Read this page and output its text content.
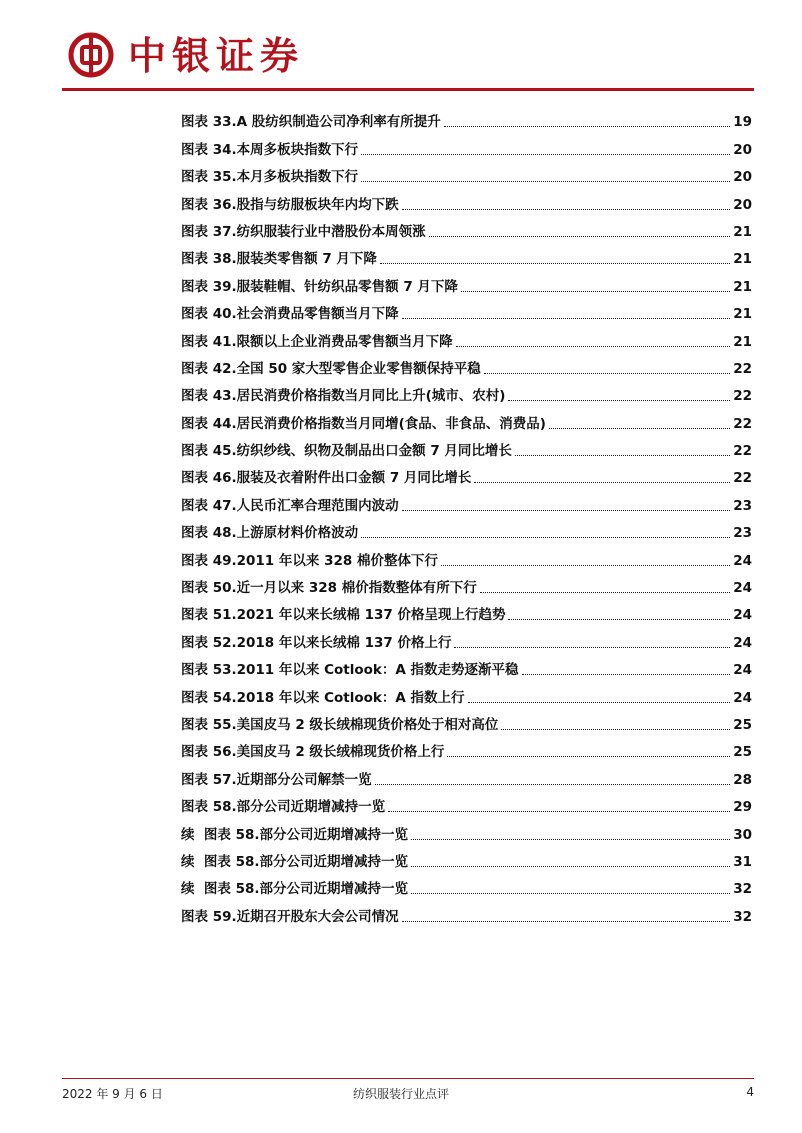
中银证券
图表 33.A 股纺织制造公司净利率有所提升	19
图表 34.本周多板块指数下行	20
图表 35.本月多板块指数下行	20
图表 36.股指与纺服板块年内均下跌	20
图表 37.纺织服装行业中潜股份本周领涨	21
图表 38.服装类零售额 7 月下降	21
图表 39.服装鞋帽、针纺织品零售额 7 月下降	21
图表 40.社会消费品零售额当月下降	21
图表 41.限额以上企业消费品零售额当月下降	21
图表 42.全国 50 家大型零售企业零售额保持平稳	22
图表 43.居民消费价格指数当月同比上升(城市、农村)	22
图表 44.居民消费价格指数当月同增(食品、非食品、消费品)	22
图表 45.纺织纱线、织物及制品出口金额 7 月同比增长	22
图表 46.服装及衣着附件出口金额 7 月同比增长	22
图表 47.人民币汇率合理范围内波动	23
图表 48.上游原材料价格波动	23
图表 49.2011 年以来 328 棉价整体下行	24
图表 50.近一月以来 328 棉价指数整体有所下行	24
图表 51.2021 年以来长绒棉 137 价格呈现上行趋势	24
图表 52.2018 年以来长绒棉 137 价格上行	24
图表 53.2011 年以来 Cotlook：A 指数走势逐渐平稳	24
图表 54.2018 年以来 Cotlook：A 指数上行	24
图表 55.美国皮马 2 级长绒棉现货价格处于相对高位	25
图表 56.美国皮马 2 级长绒棉现货价格上行	25
图表 57.近期部分公司解禁一览	28
图表 58.部分公司近期增减持一览	29
续 图表 58.部分公司近期增减持一览	30
续 图表 58.部分公司近期增减持一览	31
续 图表 58.部分公司近期增减持一览	32
图表 59.近期召开股东大会公司情况	32
2022 年 9 月 6 日	纺织服装行业点评	4
